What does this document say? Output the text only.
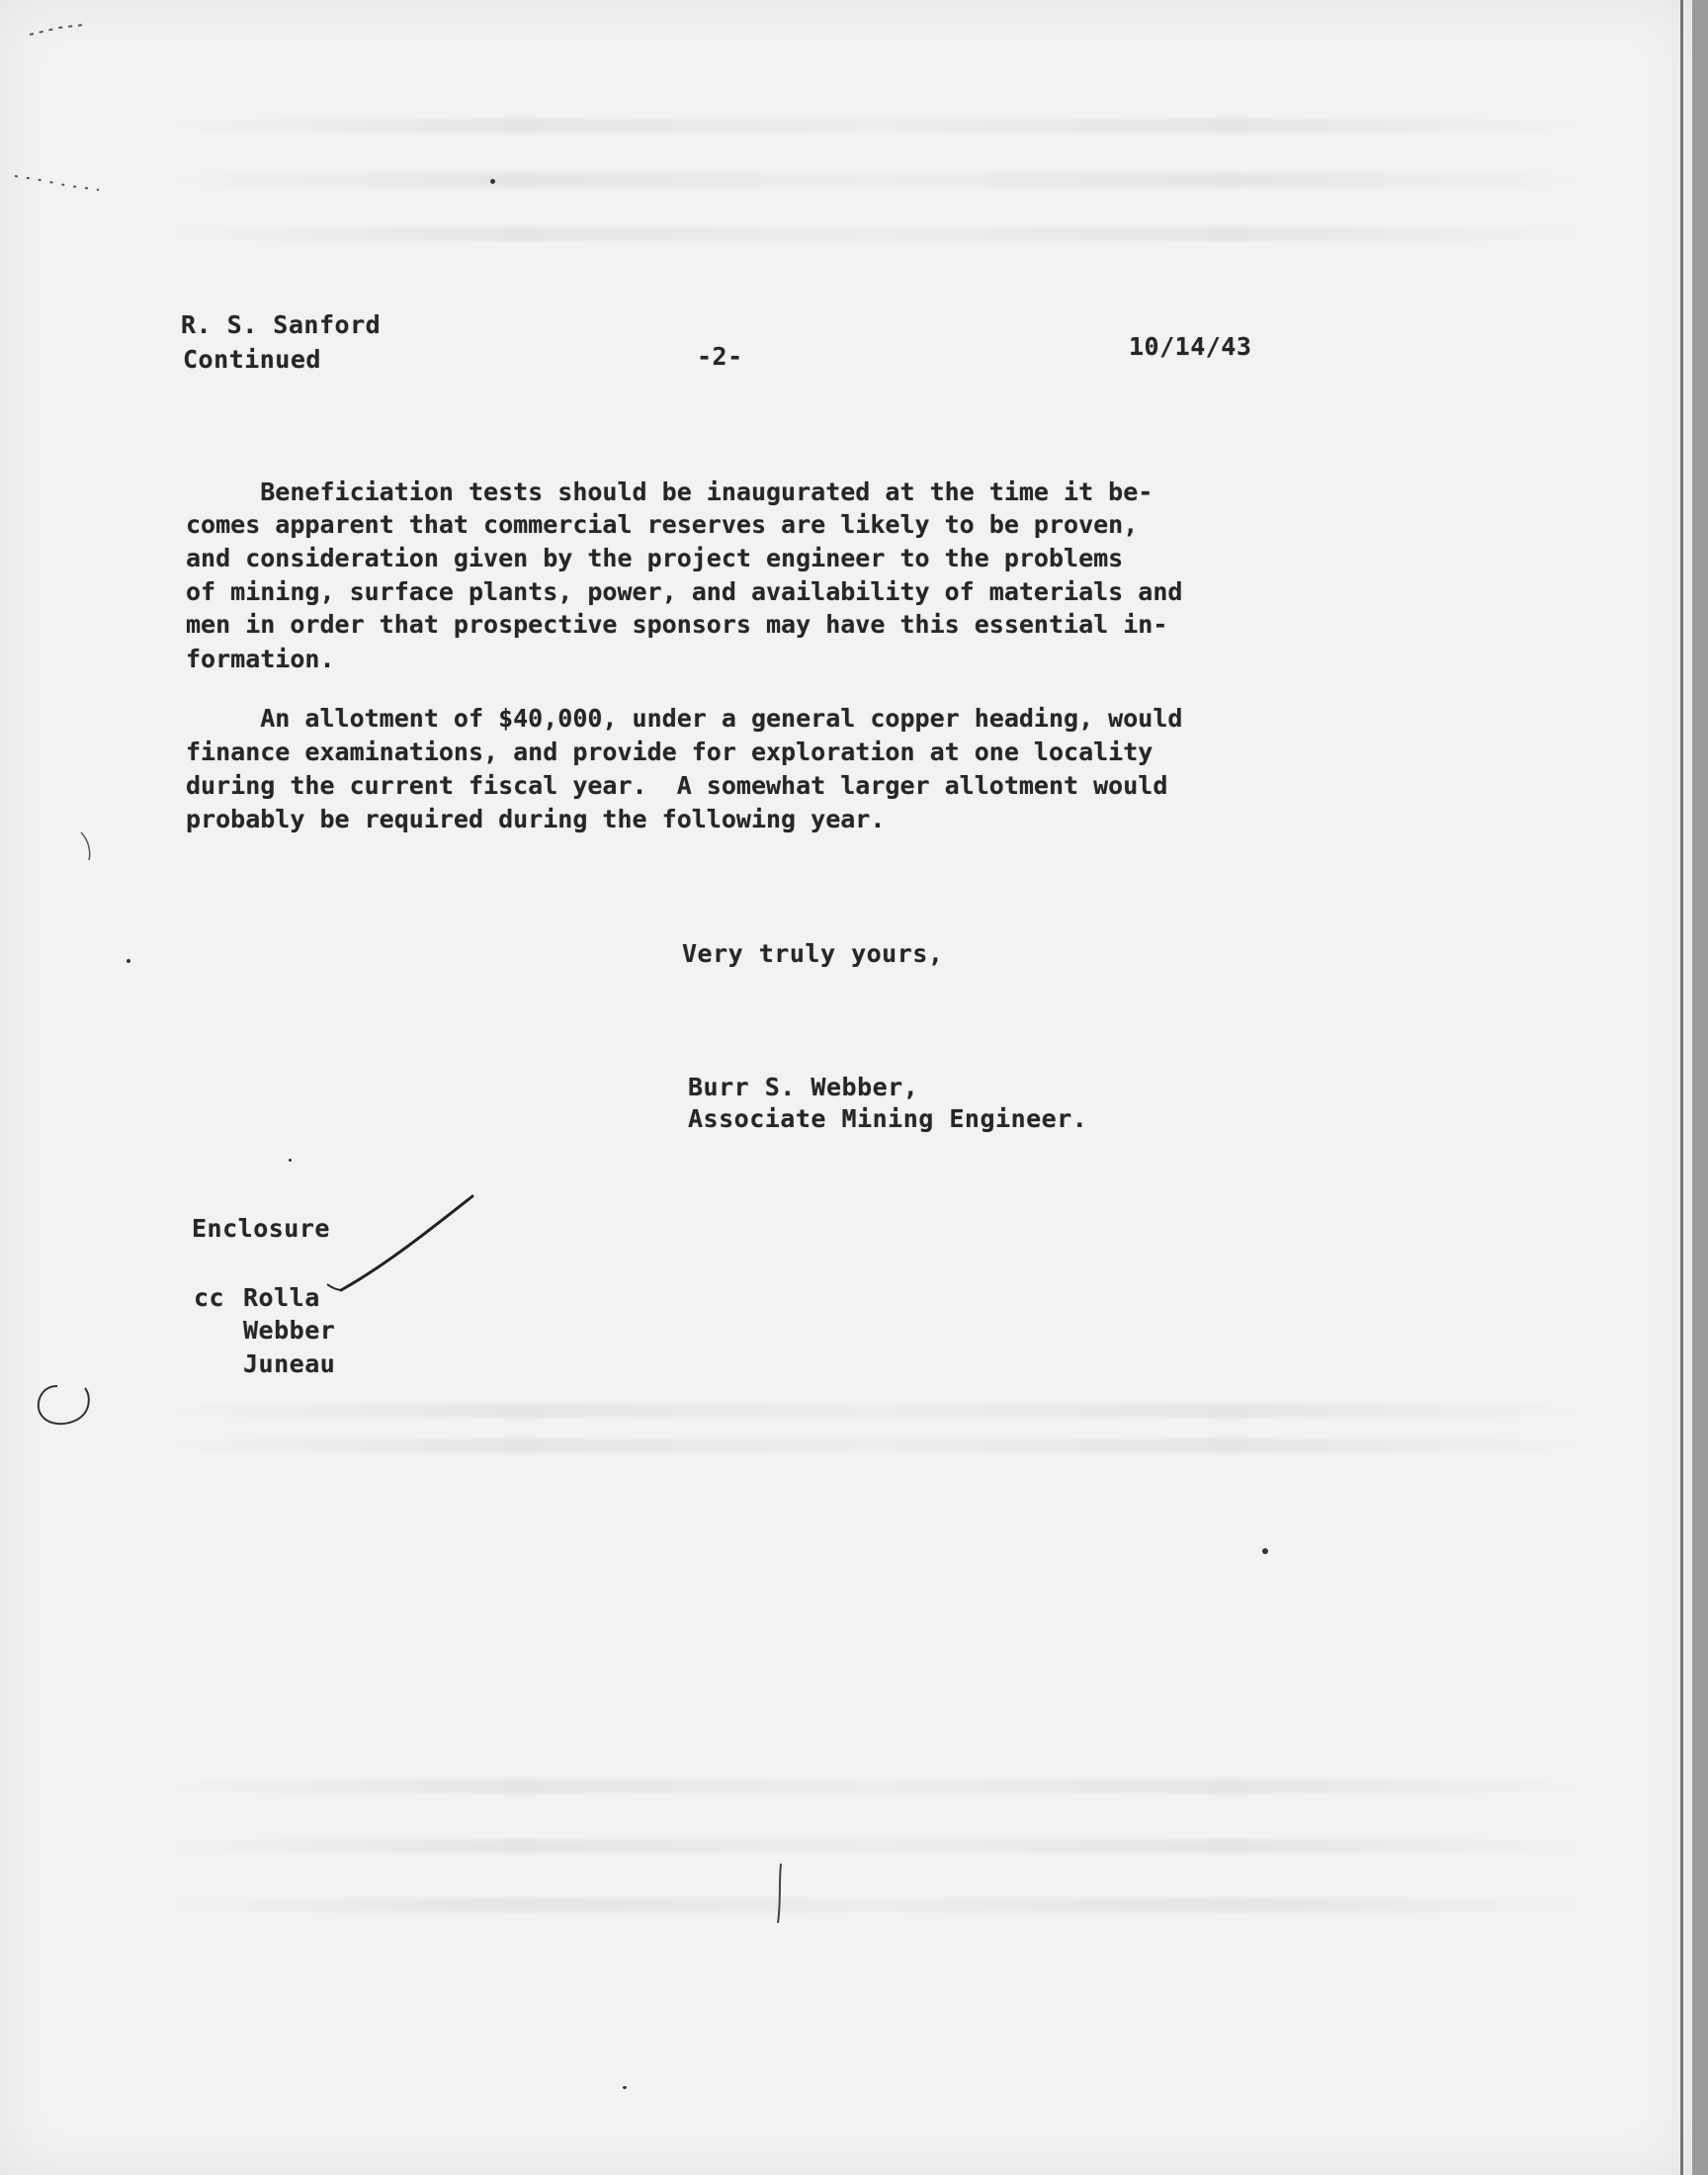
R. S. Sanford
Continued	-2-	10/14/43
Beneficiation tests should be inaugurated at the time it be-
comes apparent that commercial reserves are likely to be proven,
and consideration given by the project engineer to the problems
of mining, surface plants, power, and availability of materials and
men in order that prospective sponsors may have this essential in-
formation.
An allotment of $40,000, under a general copper heading, would
finance examinations, and provide for exploration at one locality
during the current fiscal year.  A somewhat larger allotment would
probably be required during the following year.
Very truly yours,
Burr S. Webber,
Associate Mining Engineer.
Enclosure
cc Rolla
Webber
Juneau
